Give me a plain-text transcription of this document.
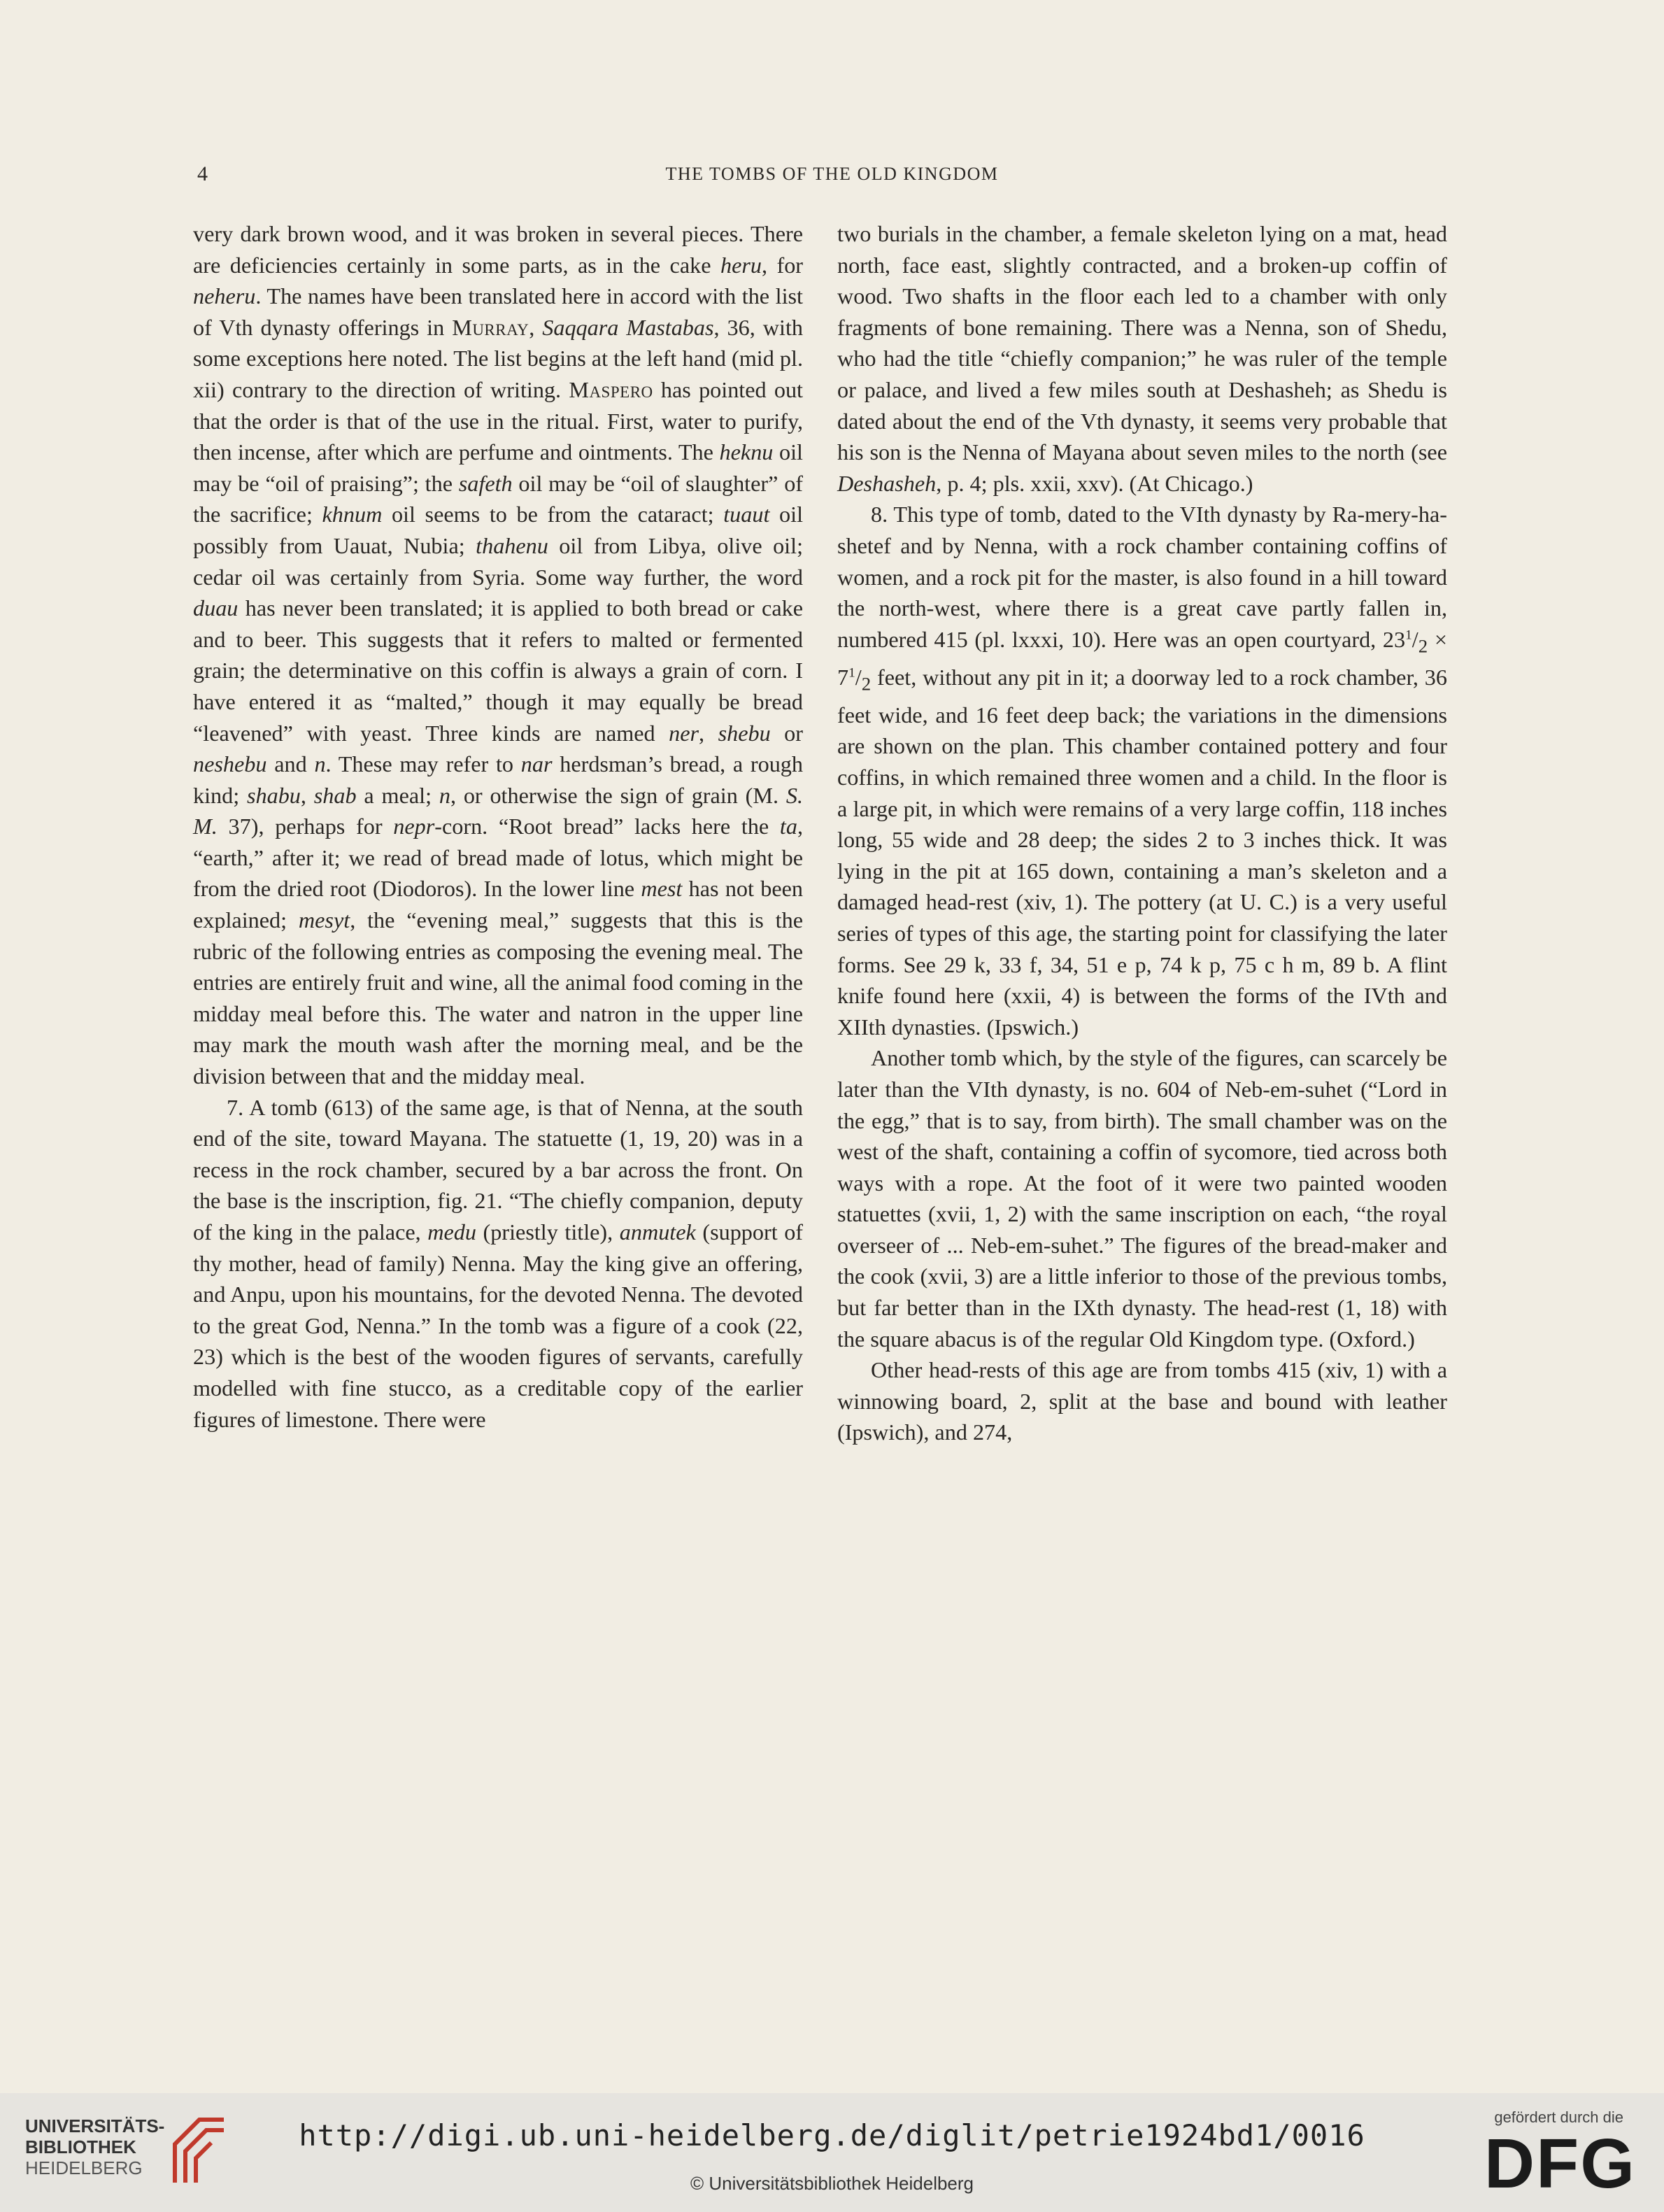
4	THE TOMBS OF THE OLD KINGDOM

very dark brown wood, and it was broken in several pieces. There are deficiencies certainly in some parts, as in the cake heru, for neheru. The names have been translated here in accord with the list of Vth dynasty offerings in Murray, Saqqara Mastabas, 36, with some exceptions here noted. The list begins at the left hand (mid pl. xii) contrary to the direction of writing. Maspero has pointed out that the order is that of the use in the ritual. First, water to purify, then incense, after which are perfume and ointments. The heknu oil may be “oil of praising”; the safeth oil may be “oil of slaughter” of the sacrifice; khnum oil seems to be from the cataract; tuaut oil possibly from Uauat, Nubia; thahenu oil from Libya, olive oil; cedar oil was certainly from Syria. Some way further, the word duau has never been translated; it is applied to both bread or cake and to beer. This suggests that it refers to malted or fermented grain; the determinative on this coffin is always a grain of corn. I have entered it as “malted,” though it may equally be bread “leavened” with yeast. Three kinds are named ner, shebu or neshebu and n. These may refer to nar herdsman’s bread, a rough kind; shabu, shab a meal; n, or otherwise the sign of grain (M. S. M. 37), perhaps for nepr-corn. “Root bread” lacks here the ta, “earth,” after it; we read of bread made of lotus, which might be from the dried root (Diodoros). In the lower line mest has not been explained; mesyt, the “evening meal,” suggests that this is the rubric of the following entries as composing the evening meal. The entries are entirely fruit and wine, all the animal food coming in the midday meal before this. The water and natron in the upper line may mark the mouth wash after the morning meal, and be the division between that and the midday meal.

7. A tomb (613) of the same age, is that of Nenna, at the south end of the site, toward Mayana. The statuette (1, 19, 20) was in a recess in the rock chamber, secured by a bar across the front. On the base is the inscription, fig. 21. “The chiefly companion, deputy of the king in the palace, medu (priestly title), anmutek (support of thy mother, head of family) Nenna. May the king give an offering, and Anpu, upon his mountains, for the devoted Nenna. The devoted to the great God, Nenna.” In the tomb was a figure of a cook (22, 23) which is the best of the wooden figures of servants, carefully modelled with fine stucco, as a creditable copy of the earlier figures of limestone. There were

two burials in the chamber, a female skeleton lying on a mat, head north, face east, slightly contracted, and a broken-up coffin of wood. Two shafts in the floor each led to a chamber with only fragments of bone remaining. There was a Nenna, son of Shedu, who had the title “chiefly companion;” he was ruler of the temple or palace, and lived a few miles south at Deshasheh; as Shedu is dated about the end of the Vth dynasty, it seems very probable that his son is the Nenna of Mayana about seven miles to the north (see Deshasheh, p. 4; pls. xxii, xxv). (At Chicago.)

8. This type of tomb, dated to the VIth dynasty by Ra-mery-ha-shetef and by Nenna, with a rock chamber containing coffins of women, and a rock pit for the master, is also found in a hill toward the north-west, where there is a great cave partly fallen in, numbered 415 (pl. lxxxi, 10). Here was an open courtyard, $23^1/_2 \times 7^1/_2$ feet, without any pit in it; a doorway led to a rock chamber, 36 feet wide, and 16 feet deep back; the variations in the dimensions are shown on the plan. This chamber contained pottery and four coffins, in which remained three women and a child. In the floor is a large pit, in which were remains of a very large coffin, 118 inches long, 55 wide and 28 deep; the sides 2 to 3 inches thick. It was lying in the pit at 165 down, containing a man’s skeleton and a damaged head-rest (xiv, 1). The pottery (at U. C.) is a very useful series of types of this age, the starting point for classifying the later forms. See 29 k, 33 f, 34, 51 e p, 74 k p, 75 c h m, 89 b. A flint knife found here (xxii, 4) is between the forms of the IVth and XIIth dynasties. (Ipswich.)

Another tomb which, by the style of the figures, can scarcely be later than the VIth dynasty, is no. 604 of Neb-em-suhet (“Lord in the egg,” that is to say, from birth). The small chamber was on the west of the shaft, containing a coffin of sycomore, tied across both ways with a rope. At the foot of it were two painted wooden statuettes (xvii, 1, 2) with the same inscription on each, “the royal overseer of ... Neb-em-suhet.” The figures of the bread-maker and the cook (xvii, 3) are a little inferior to those of the previous tombs, but far better than in the IXth dynasty. The head-rest (1, 18) with the square abacus is of the regular Old Kingdom type. (Oxford.)

Other head-rests of this age are from tombs 415 (xiv, 1) with a winnowing board, 2, split at the base and bound with leather (Ipswich), and 274,

UNIVERSITÄTS-
BIBLIOTHEK
HEIDELBERG
http://digi.ub.uni-heidelberg.de/diglit/petrie1924bd1/0016
© Universitätsbibliothek Heidelberg
gefördert durch die
DFG
